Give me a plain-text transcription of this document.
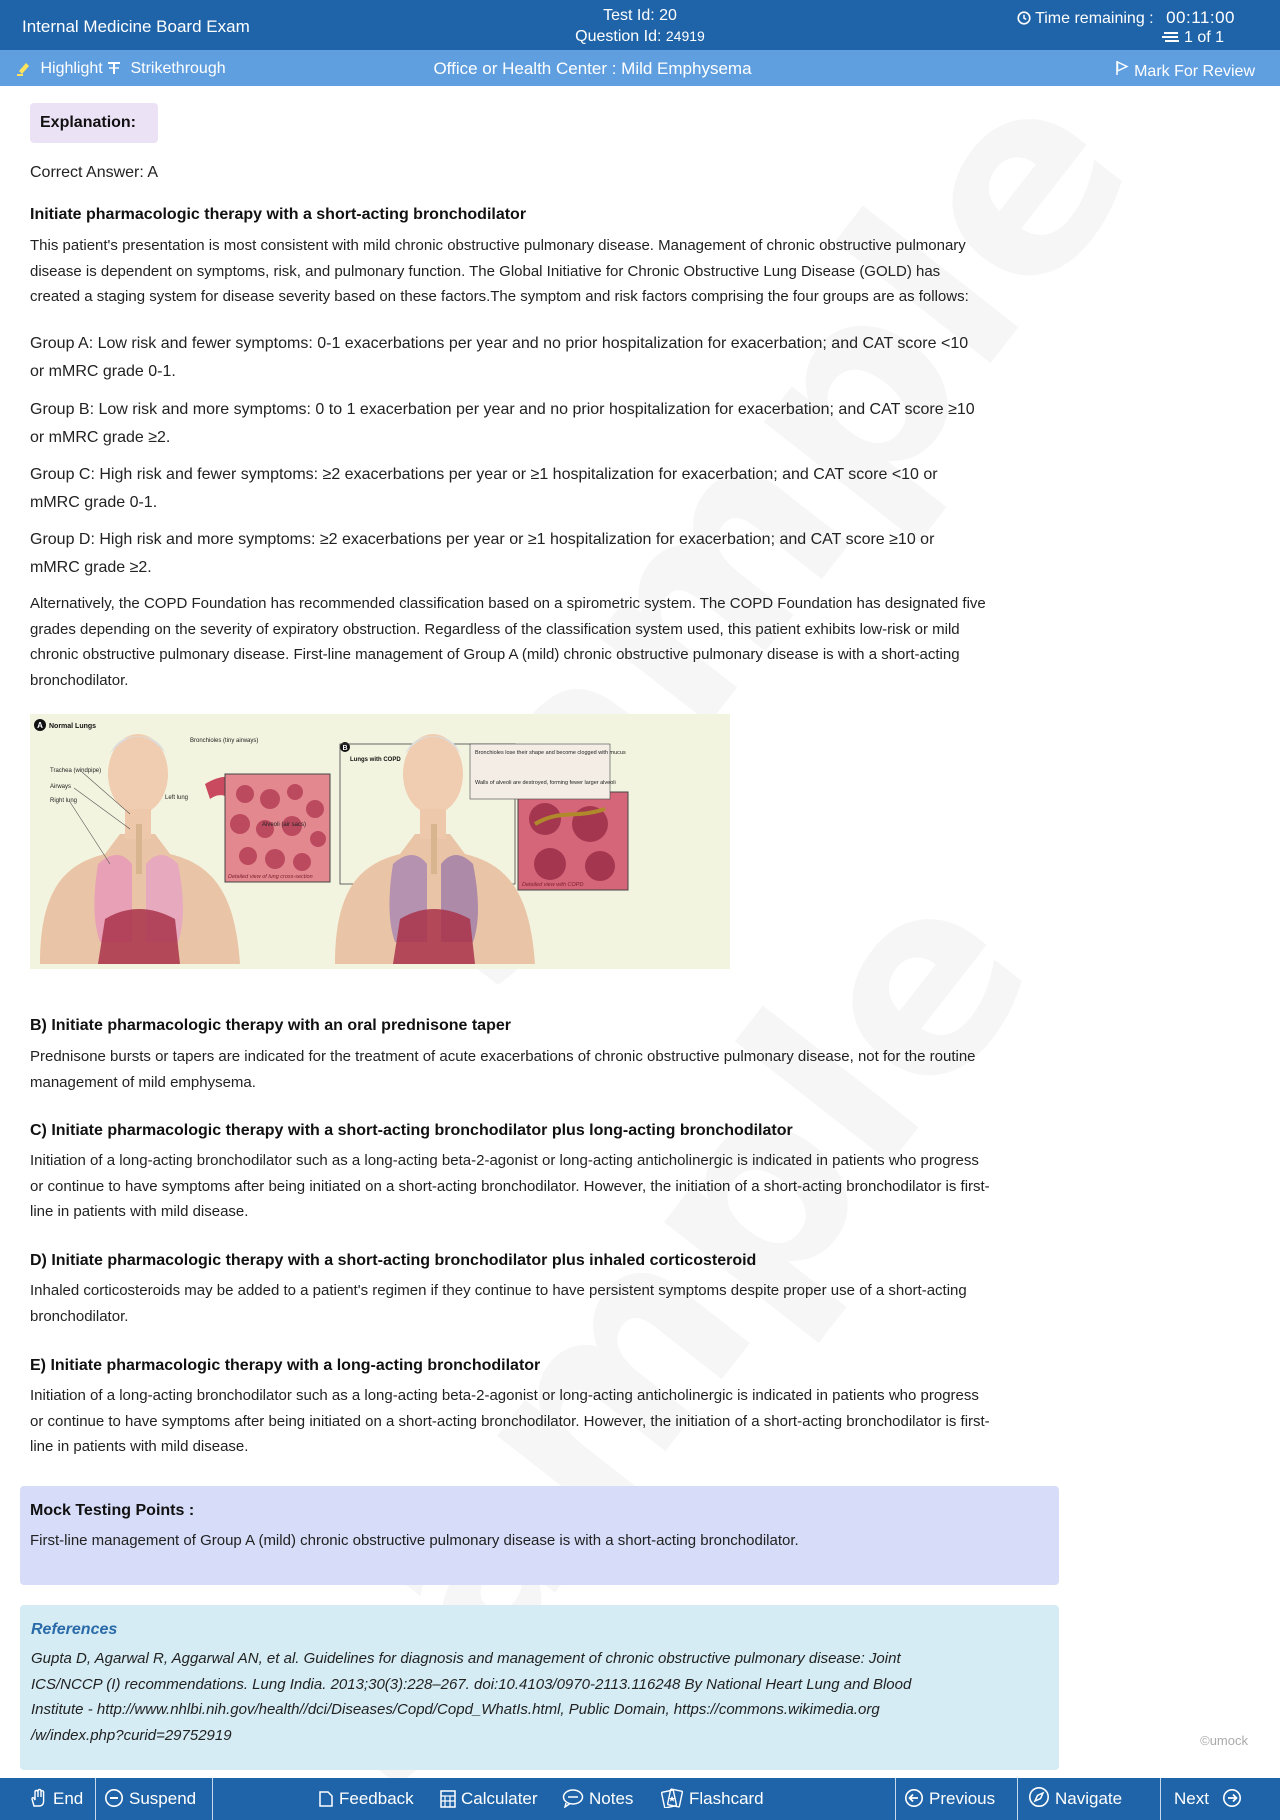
Internal Medicine Board Exam
Test Id: 20
Question Id: 24919
Time remaining : 00:11:00
1 of 1
Highlight	Strikethrough	Office or Health Center : Mild Emphysema	Mark For Review
Explanation:
Correct Answer: A
Initiate pharmacologic therapy with a short-acting bronchodilator
This patient's presentation is most consistent with mild chronic obstructive pulmonary disease. Management of chronic obstructive pulmonary
disease is dependent on symptoms, risk, and pulmonary function. The Global Initiative for Chronic Obstructive Lung Disease (GOLD) has
created a staging system for disease severity based on these factors.The symptom and risk factors comprising the four groups are as follows:
Group A: Low risk and fewer symptoms: 0-1 exacerbations per year and no prior hospitalization for exacerbation; and CAT score <10
or mMRC grade 0-1.
Group B: Low risk and more symptoms: 0 to 1 exacerbation per year and no prior hospitalization for exacerbation; and CAT score ≥10
or mMRC grade ≥2.
Group C: High risk and fewer symptoms: ≥2 exacerbations per year or ≥1 hospitalization for exacerbation; and CAT score <10 or
mMRC grade 0-1.
Group D: High risk and more symptoms: ≥2 exacerbations per year or ≥1 hospitalization for exacerbation; and CAT score ≥10 or
mMRC grade ≥2.
Alternatively, the COPD Foundation has recommended classification based on a spirometric system. The COPD Foundation has designated five
grades depending on the severity of expiratory obstruction. Regardless of the classification system used, this patient exhibits low-risk or mild
chronic obstructive pulmonary disease. First-line management of Group A (mild) chronic obstructive pulmonary disease is with a short-acting
bronchodilator.
A Normal Lungs
Detailed view of lung cross-section
Bronchioles (tiny airways)
Trachea (windpipe)
Airways
Right lung	Left lung
Alveoli (air sacs)
B
Lungs with COPD
Detailed view with COPD
Bronchioles lose their shape and become clogged with mucus
Walls of alveoli are destroyed, forming fewer larger alveoli
B) Initiate pharmacologic therapy with an oral prednisone taper
Prednisone bursts or tapers are indicated for the treatment of acute exacerbations of chronic obstructive pulmonary disease, not for the routine
management of mild emphysema.
C) Initiate pharmacologic therapy with a short-acting bronchodilator plus long-acting bronchodilator
Initiation of a long-acting bronchodilator such as a long-acting beta-2-agonist or long-acting anticholinergic is indicated in patients who progress
or continue to have symptoms after being initiated on a short-acting bronchodilator. However, the initiation of a short-acting bronchodilator is first-
line in patients with mild disease.
D) Initiate pharmacologic therapy with a short-acting bronchodilator plus inhaled corticosteroid
Inhaled corticosteroids may be added to a patient's regimen if they continue to have persistent symptoms despite proper use of a short-acting
bronchodilator.
E) Initiate pharmacologic therapy with a long-acting bronchodilator
Initiation of a long-acting bronchodilator such as a long-acting beta-2-agonist or long-acting anticholinergic is indicated in patients who progress
or continue to have symptoms after being initiated on a short-acting bronchodilator. However, the initiation of a short-acting bronchodilator is first-
line in patients with mild disease.
Mock Testing Points :
First-line management of Group A (mild) chronic obstructive pulmonary disease is with a short-acting bronchodilator.
References
Gupta D, Agarwal R, Aggarwal AN, et al. Guidelines for diagnosis and management of chronic obstructive pulmonary disease: Joint
ICS/NCCP (I) recommendations. Lung India. 2013;30(3):228–267. doi:10.4103/0970-2113.116248 By National Heart Lung and Blood
Institute - http://www.nhlbi.nih.gov/health//dci/Diseases/Copd/Copd_WhatIs.html, Public Domain, https://commons.wikimedia.org
/w/index.php?curid=29752919	©umock
End	Suspend	Feedback	Calculater	Notes	Flashcard	Previous	Navigate	Next
